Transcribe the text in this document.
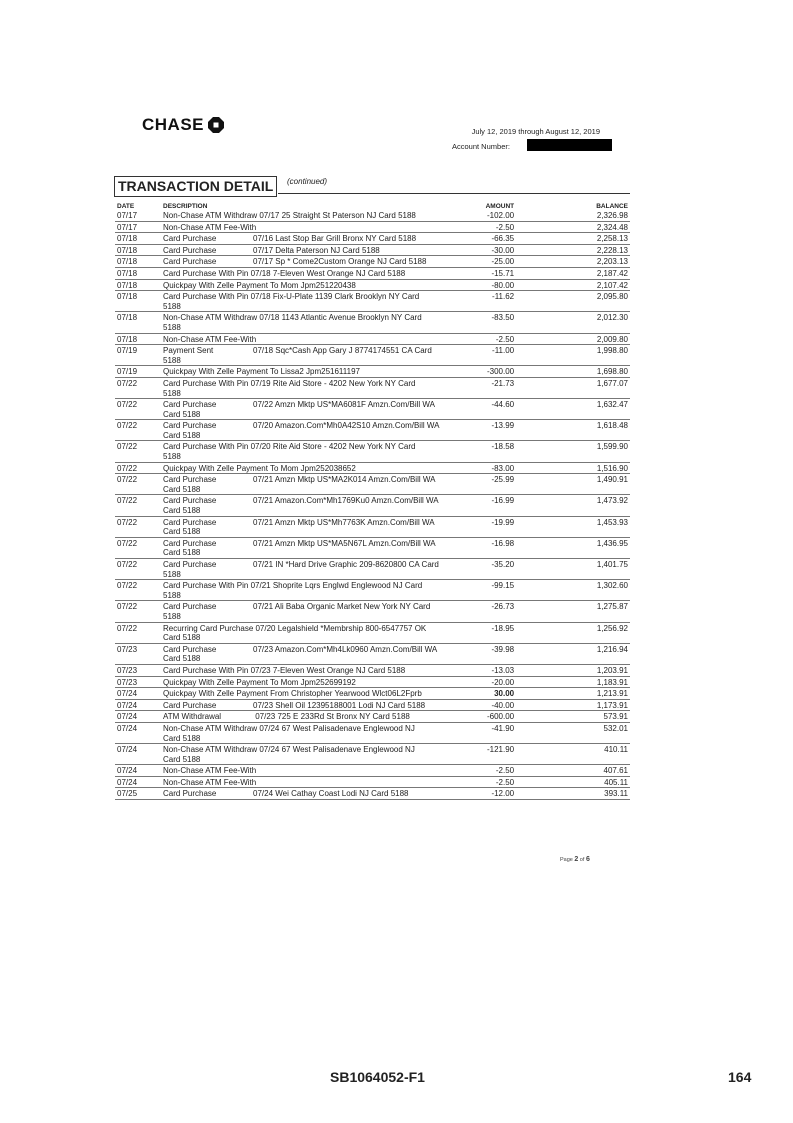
CHASE	July 12, 2019 through August 12, 2019
Account Number:
TRANSACTION DETAIL	(continued)
DATE	DESCRIPTION	AMOUNT	BALANCE
07/17	Non-Chase ATM Withdraw 07/17 25 Straight St Paterson NJ Card 5188	-102.00	2,326.98
07/17	Non-Chase ATM Fee-With	-2.50	2,324.48
07/18	Card Purchase 07/16 Last Stop Bar Grill Bronx NY Card 5188	-66.35	2,258.13
07/18	Card Purchase 07/17 Delta Paterson NJ Card 5188	-30.00	2,228.13
07/18	Card Purchase 07/17 Sp * Come2Custom Orange NJ Card 5188	-25.00	2,203.13
07/18	Card Purchase With Pin 07/18 7-Eleven West Orange NJ Card 5188	-15.71	2,187.42
07/18	Quickpay With Zelle Payment To Mom Jpm251220438	-80.00	2,107.42
07/18	Card Purchase With Pin 07/18 Fix-U-Plate 1139 Clark Brooklyn NY Card
5188	-11.62	2,095.80
07/18	Non-Chase ATM Withdraw 07/18 1143 Atlantic Avenue Brooklyn NY Card
5188	-83.50	2,012.30
07/18	Non-Chase ATM Fee-With	-2.50	2,009.80
07/19	Payment Sent 07/18 Sqc*Cash App Gary J 8774174551 CA Card
5188	-11.00	1,998.80
07/19	Quickpay With Zelle Payment To Lissa2 Jpm251611197	-300.00	1,698.80
07/22	Card Purchase With Pin 07/19 Rite Aid Store - 4202 New York NY Card
5188	-21.73	1,677.07
07/22	Card Purchase 07/22 Amzn Mktp US*MA6081F Amzn.Com/Bill WA
Card 5188	-44.60	1,632.47
07/22	Card Purchase 07/20 Amazon.Com*Mh0A42S10 Amzn.Com/Bill WA
Card 5188	-13.99	1,618.48
07/22	Card Purchase With Pin 07/20 Rite Aid Store - 4202 New York NY Card
5188	-18.58	1,599.90
07/22	Quickpay With Zelle Payment To Mom Jpm252038652	-83.00	1,516.90
07/22	Card Purchase 07/21 Amzn Mktp US*MA2K014 Amzn.Com/Bill WA
Card 5188	-25.99	1,490.91
07/22	Card Purchase 07/21 Amazon.Com*Mh1769Ku0 Amzn.Com/Bill WA
Card 5188	-16.99	1,473.92
07/22	Card Purchase 07/21 Amzn Mktp US*Mh7763K Amzn.Com/Bill WA
Card 5188	-19.99	1,453.93
07/22	Card Purchase 07/21 Amzn Mktp US*MA5N67L Amzn.Com/Bill WA
Card 5188	-16.98	1,436.95
07/22	Card Purchase 07/21 IN *Hard Drive Graphic 209-8620800 CA Card
5188	-35.20	1,401.75
07/22	Card Purchase With Pin 07/21 Shoprite Lqrs Englwd Englewood NJ Card
5188	-99.15	1,302.60
07/22	Card Purchase 07/21 Ali Baba Organic Market New York NY Card
5188	-26.73	1,275.87
07/22	Recurring Card Purchase 07/20 Legalshield *Membrship 800-6547757 OK
Card 5188	-18.95	1,256.92
07/23	Card Purchase 07/23 Amazon.Com*Mh4Lk0960 Amzn.Com/Bill WA
Card 5188	-39.98	1,216.94
07/23	Card Purchase With Pin 07/23 7-Eleven West Orange NJ Card 5188	-13.03	1,203.91
07/23	Quickpay With Zelle Payment To Mom Jpm252699192	-20.00	1,183.91
07/24	Quickpay With Zelle Payment From Christopher Yearwood Wlct06L2Fprb	30.00	1,213.91
07/24	Card Purchase 07/23 Shell Oil 12395188001 Lodi NJ Card 5188	-40.00	1,173.91
07/24	ATM Withdrawal 07/23 725 E 233Rd St Bronx NY Card 5188	-600.00	573.91
07/24	Non-Chase ATM Withdraw 07/24 67 West Palisadenave Englewood NJ
Card 5188	-41.90	532.01
07/24	Non-Chase ATM Withdraw 07/24 67 West Palisadenave Englewood NJ
Card 5188	-121.90	410.11
07/24	Non-Chase ATM Fee-With	-2.50	407.61
07/24	Non-Chase ATM Fee-With	-2.50	405.11
07/25	Card Purchase 07/24 Wei Cathay Coast Lodi NJ Card 5188	-12.00	393.11
Page 2 of 6
SB1064052-F1	164
